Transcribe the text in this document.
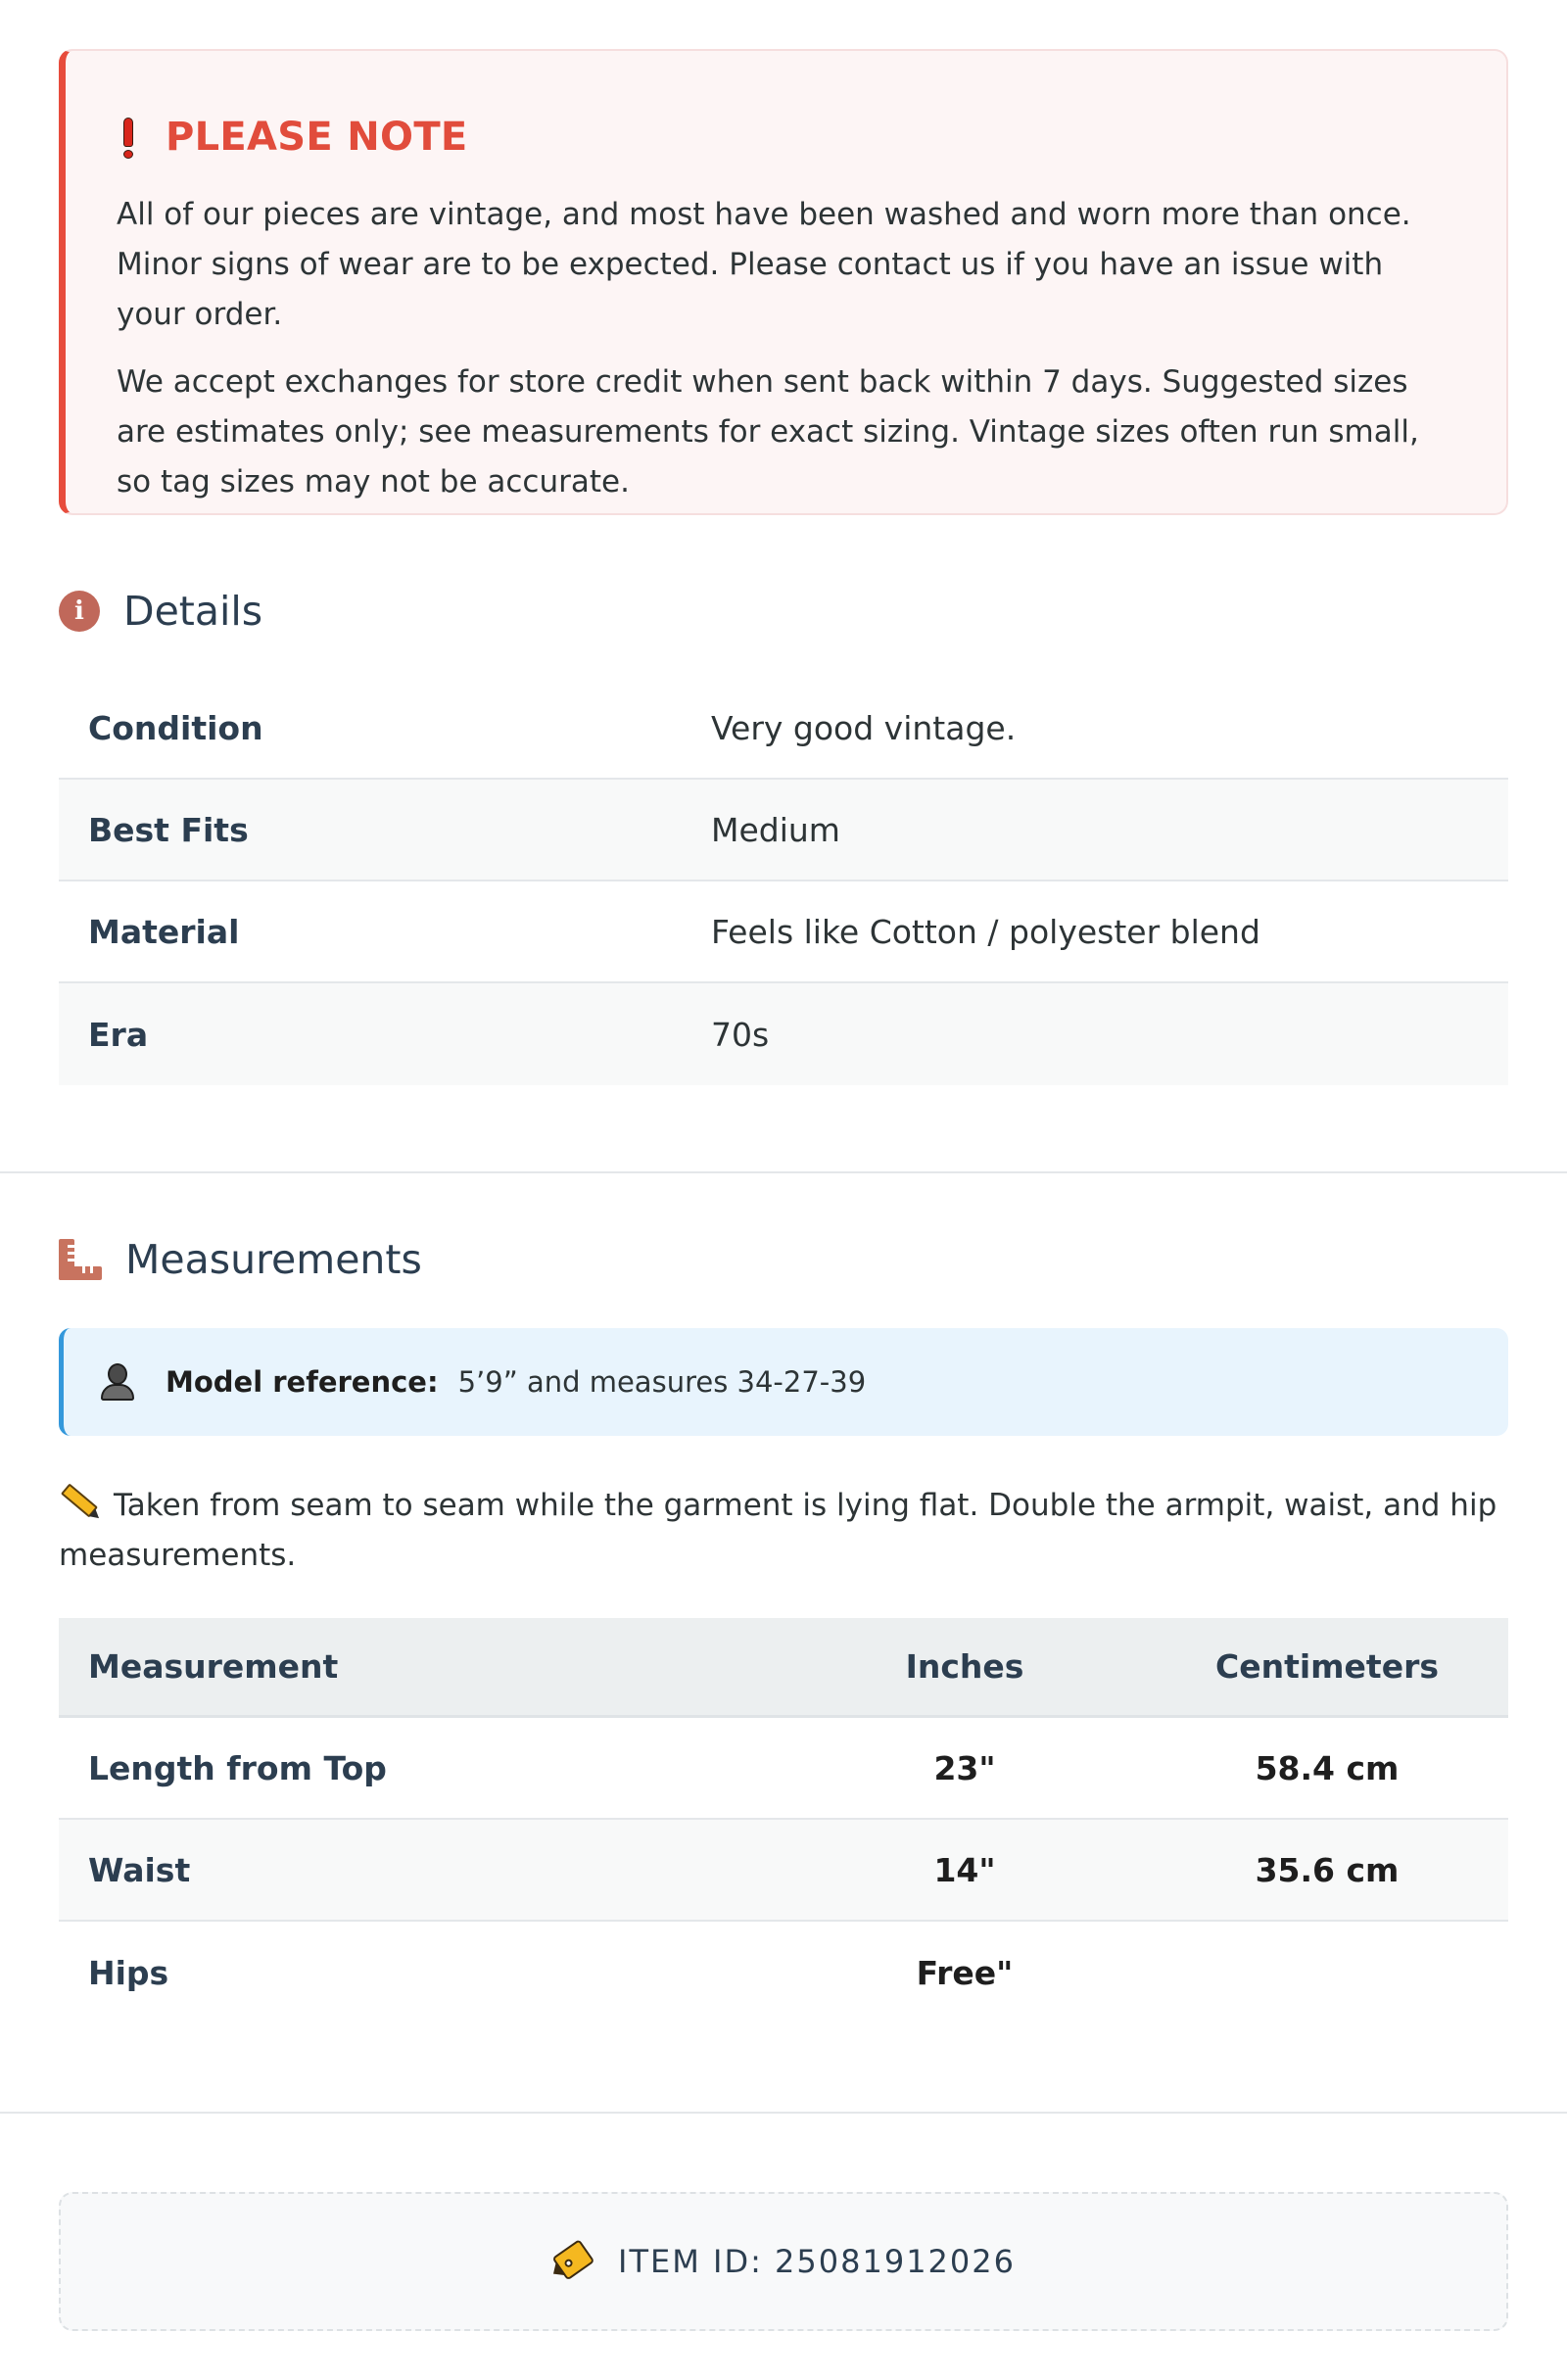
PLEASE NOTE

All of our pieces are vintage, and most have been washed and worn more than once. Minor signs of wear are to be expected. Please contact us if you have an issue with your order.

We accept exchanges for store credit when sent back within 7 days. Suggested sizes are estimates only; see measurements for exact sizing. Vintage sizes often run small, so tag sizes may not be accurate.

i Details
Condition	Very good vintage.
Best Fits	Medium
Material	Feels like Cotton / polyester blend
Era	70s
Measurements
Model reference: 5’9” and measures 34-27-39
Taken from seam to seam while the garment is lying flat. Double the armpit, waist, and hip measurements.
Measurement	Inches	Centimeters
Length from Top	23"	58.4 cm
Waist	14"	35.6 cm
Hips	Free"
ITEM ID: 25081912026
